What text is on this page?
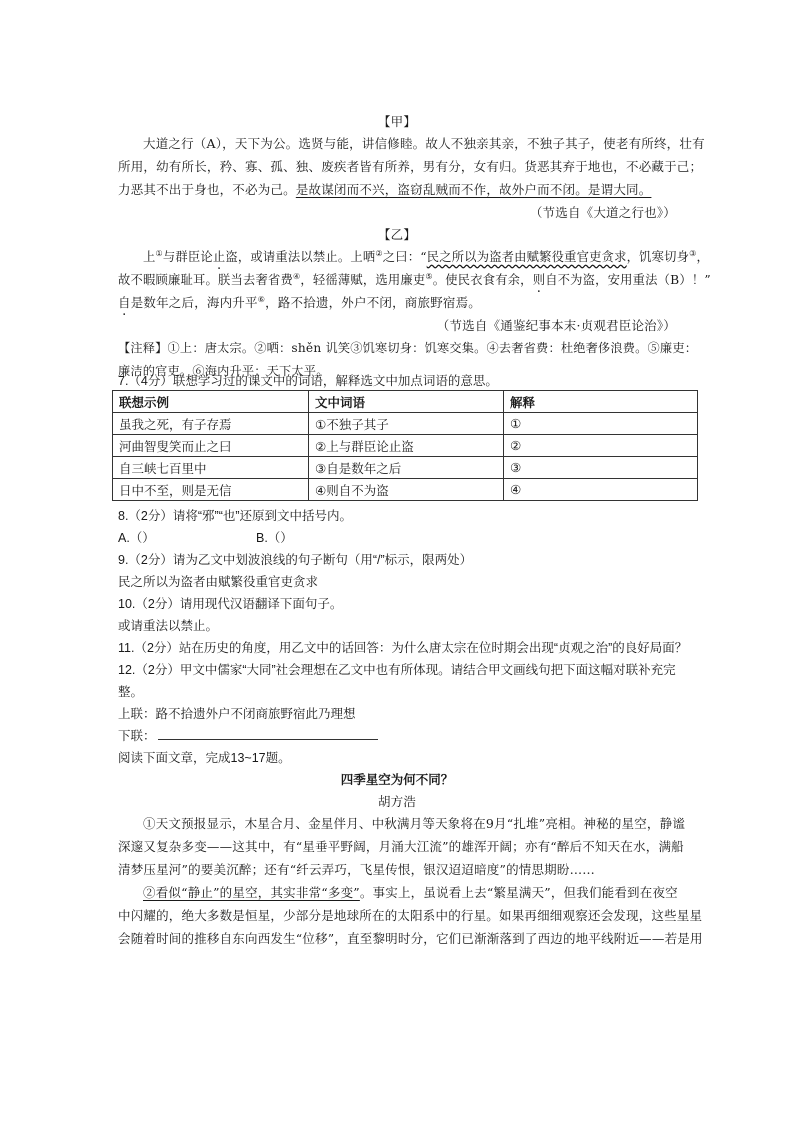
【甲】
大道之行（A），天下为公。选贤与能，讲信修睦。故人不独亲其亲，不独子其子，使老有所终，壮有
所用，幼有所长，矜、寡、孤、独、废疾者皆有所养，男有分，女有归。货恶其弃于地也，不必藏于己；
力恶其不出于身也，不必为己。是故谋闭而不兴，盗窃乱贼而不作，故外户而不闭。是谓大同。
（节选自《大道之行也》）
【乙】
上①与群臣论止盗，或请重法以禁止。上哂②之曰：“民之所以为盗者由赋繁役重官吏贪求，饥寒切身③，
故不暇顾廉耻耳。朕当去奢省费④，轻徭薄赋，选用廉吏⑤。使民衣食有余，则自不为盗，安用重法（B）！”
自是数年之后，海内升平⑥，路不拾遗，外户不闭，商旅野宿焉。
（节选自《通鉴纪事本末·贞观君臣论治》）
【注释】①上：唐太宗。②哂：shěn 讥笑③饥寒切身：饥寒交集。④去奢省费：杜绝奢侈浪费。⑤廉吏：
廉洁的官吏。⑥海内升平：天下太平。
7.（4分）联想学习过的课文中的词语，解释选文中加点词语的意思。
联想示例	文中词语	解释
虽我之死，有子存焉	①不独子其子	①
河曲智叟笑而止之曰	②上与群臣论止盗	②
自三峡七百里中	③自是数年之后	③
日中不至，则是无信	④则自不为盗	④
8.（2分）请将“邪”“也”还原到文中括号内。
A.（）	B.（）
9.（2分）请为乙文中划波浪线的句子断句（用“/”标示，限两处）
民之所以为盗者由赋繁役重官吏贪求
10.（2分）请用现代汉语翻译下面句子。
或请重法以禁止。
11.（2分）站在历史的角度，用乙文中的话回答：为什么唐太宗在位时期会出现“贞观之治”的良好局面？
12.（2分）甲文中儒家“大同”社会理想在乙文中也有所体现。请结合甲文画线句把下面这幅对联补充完
整。
上联：路不拾遗外户不闭商旅野宿此乃理想
下联：
阅读下面文章，完成13~17题。
四季星空为何不同？
胡方浩
①天文预报显示，木星合月、金星伴月、中秋满月等天象将在9月“扎堆”亮相。神秘的星空，静谧
深邃又复杂多变——这其中，有“星垂平野阔，月涌大江流”的雄浑开阔；亦有“醉后不知天在水，满船
清梦压星河”的要美沉醉；还有“纤云弄巧，飞星传恨，银汉迢迢暗度”的情思期盼……
②看似“静止”的星空，其实非常“多变”。事实上，虽说看上去“繁星满天”，但我们能看到在夜空
中闪耀的，绝大多数是恒星，少部分是地球所在的太阳系中的行星。如果再细细观察还会发现，这些星星
会随着时间的推移自东向西发生“位移”，直至黎明时分，它们已渐渐落到了西边的地平线附近——若是用
